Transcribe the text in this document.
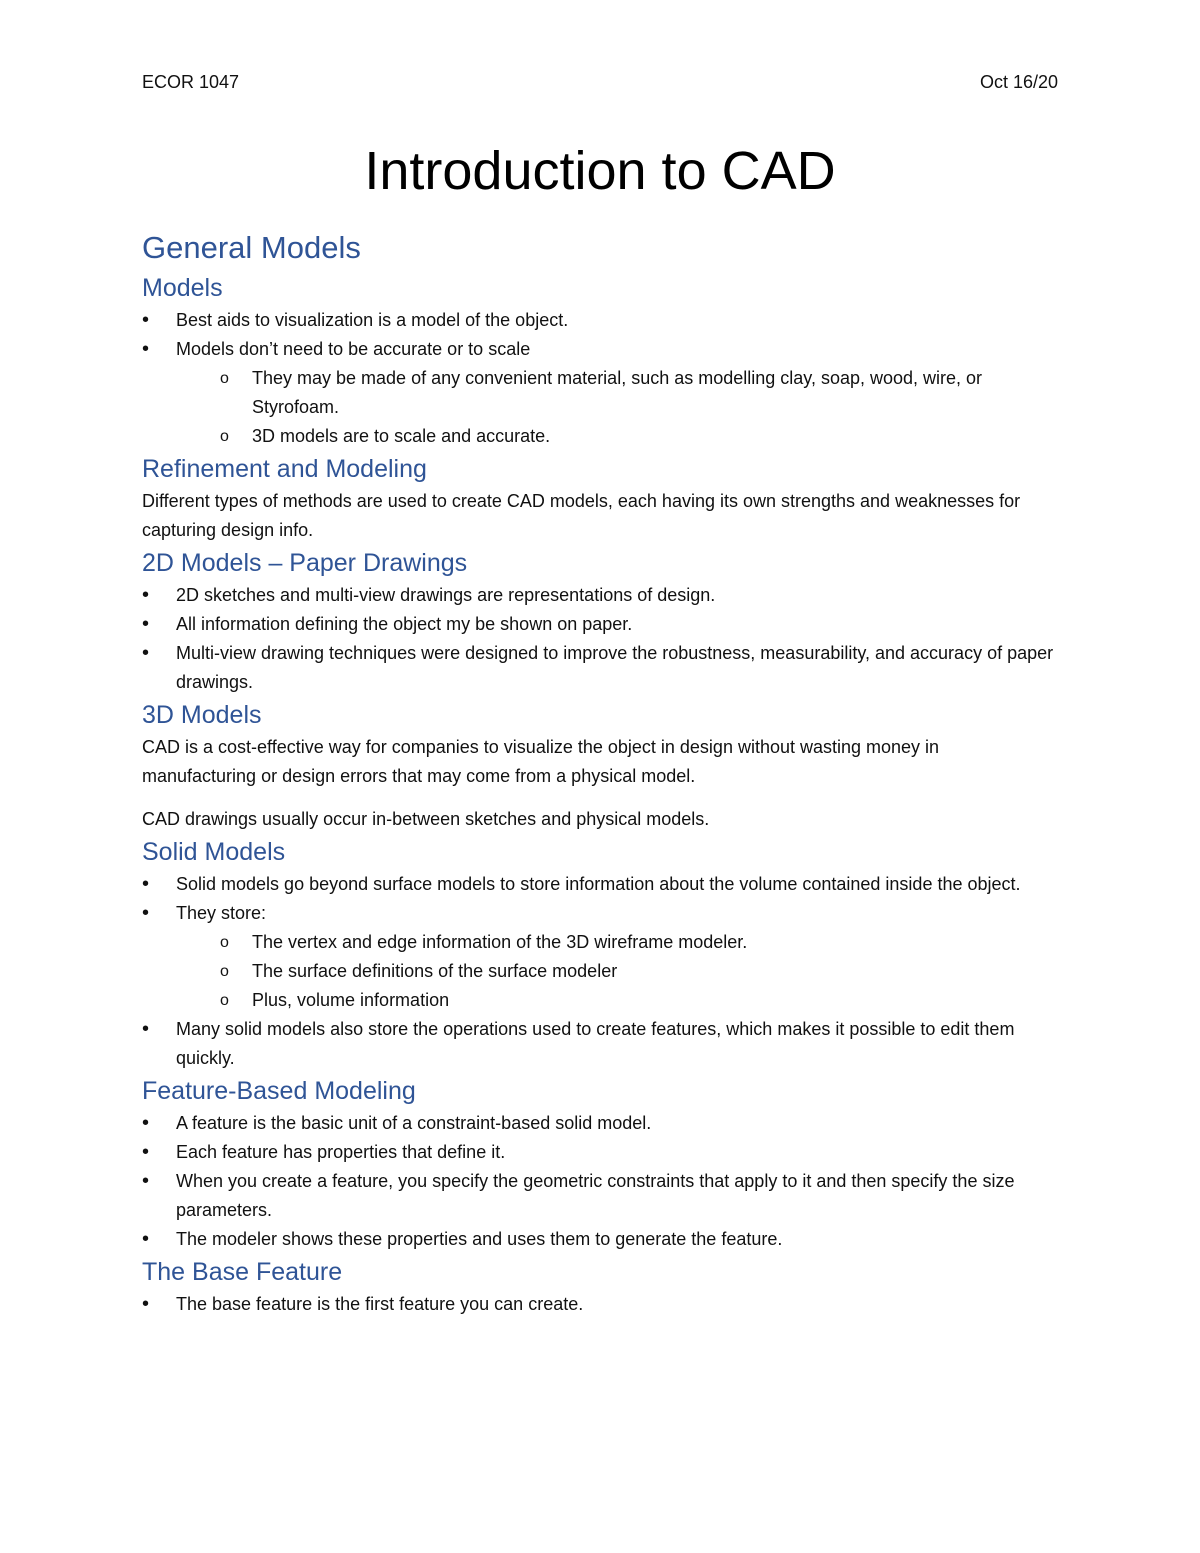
ECOR 1047	Oct 16/20
Introduction to CAD
General Models
Models
• Best aids to visualization is a model of the object.
• Models don’t need to be accurate or to scale
o They may be made of any convenient material, such as modelling clay, soap, wood, wire, or Styrofoam.
o 3D models are to scale and accurate.
Refinement and Modeling

Different types of methods are used to create CAD models, each having its own strengths and weaknesses for capturing design info.

2D Models – Paper Drawings
• 2D sketches and multi-view drawings are representations of design.
• All information defining the object my be shown on paper.
• Multi-view drawing techniques were designed to improve the robustness, measurability, and accuracy of paper drawings.
3D Models

CAD is a cost-effective way for companies to visualize the object in design without wasting money in manufacturing or design errors that may come from a physical model.

CAD drawings usually occur in-between sketches and physical models.

Solid Models
• Solid models go beyond surface models to store information about the volume contained inside the object.
• They store:
o The vertex and edge information of the 3D wireframe modeler.
o The surface definitions of the surface modeler
o Plus, volume information
• Many solid models also store the operations used to create features, which makes it possible to edit them quickly.
Feature-Based Modeling
• A feature is the basic unit of a constraint-based solid model.
• Each feature has properties that define it.
• When you create a feature, you specify the geometric constraints that apply to it and then specify the size parameters.
• The modeler shows these properties and uses them to generate the feature.
The Base Feature
• The base feature is the first feature you can create.
